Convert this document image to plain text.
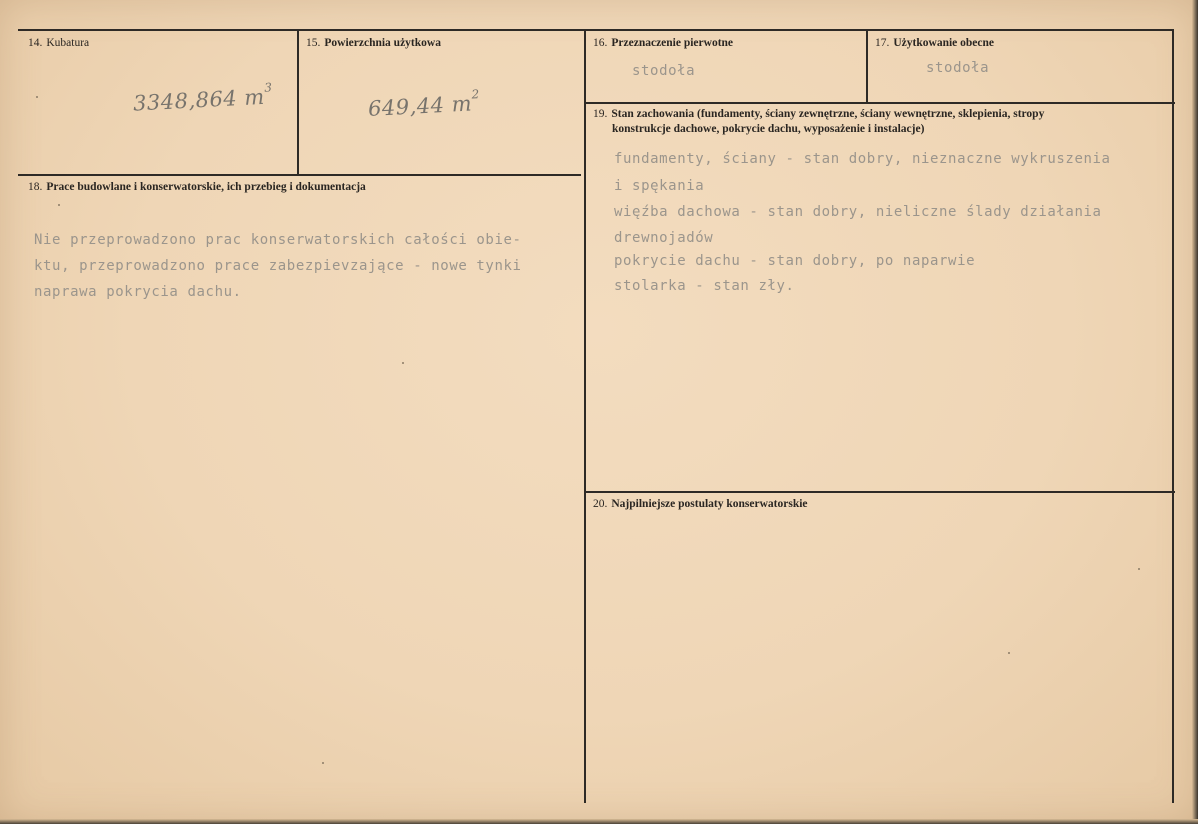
14. Kubatura
3348,864 $m^3$
15. Powierzchnia użytkowa
649,44 $m^2$
16. Przeznaczenie pierwotne
stodoła
17. Użytkowanie obecne
stodoła
18. Prace budowlane i konserwatorskie, ich przebieg i dokumentacja
Nie przeprowadzono prac konserwatorskich całości obie-
ktu, przeprowadzono prace zabezpievzające - nowe tynki
naprawa pokrycia dachu.
19. Stan zachowania (fundamenty, ściany zewnętrzne, ściany wewnętrzne, sklepienia, stropy
konstrukcje dachowe, pokrycie dachu, wyposażenie i instalacje)
fundamenty, ściany - stan dobry, nieznaczne wykruszenia
i spękania
więźba dachowa - stan dobry, nieliczne ślady działania
drewnojadów
pokrycie dachu - stan dobry, po naparwie
stolarka - stan zły.
20. Najpilniejsze postulaty konserwatorskie
